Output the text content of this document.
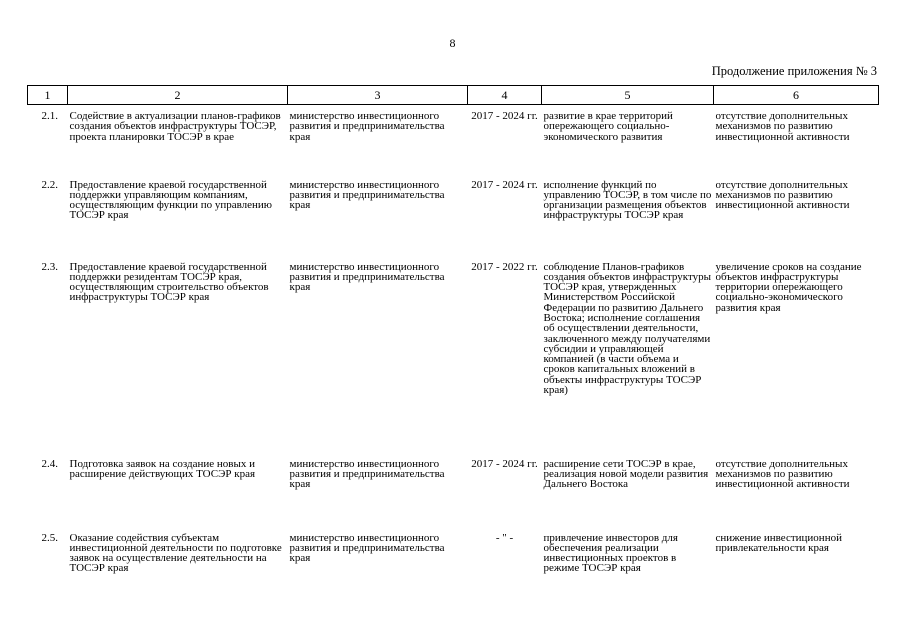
8
Продолжение приложения № 3
1	2	3	4	5	6
2.1.	Содействие в актуализации планов-графиков создания объектов инфраструктуры ТОСЭР, проекта планировки ТОСЭР в крае	министерство инвестиционного развития и предпринимательства края	2017 - 2024 гг.	развитие в крае территорий опережающего социально-экономического развития	отсутствие дополнительных механизмов по развитию инвестиционной активности
2.2.	Предоставление краевой государственной поддержки управляющим компаниям, осуществляющим функции по управлению ТОСЭР края	министерство инвестиционного развития и предпринимательства края	2017 - 2024 гг.	исполнение функций по управлению ТОСЭР, в том числе по организации размещения объектов инфраструктуры ТОСЭР края	отсутствие дополнительных механизмов по развитию инвестиционной активности
2.3.	Предоставление краевой государственной поддержки резидентам ТОСЭР края, осуществляющим строительство объектов инфраструктуры ТОСЭР края	министерство инвестиционного развития и предпринимательства края	2017 - 2022 гг.	соблюдение Планов-графиков создания объектов инфраструктуры ТОСЭР края, утвержденных Министерством Российской Федерации по развитию Дальнего Востока; исполнение соглашения об осуществлении деятельности, заключенного между получателями субсидии и управляющей компанией (в части объема и сроков капитальных вложений в объекты инфраструктуры ТОСЭР края)	увеличение сроков на создание объектов инфраструктуры территории опережающего социально-экономического развития края
2.4.	Подготовка заявок на создание новых и расширение действующих ТОСЭР края	министерство инвестиционного развития и предпринимательства края	2017 - 2024 гг.	расширение сети ТОСЭР в крае, реализация новой модели развития Дальнего Востока	отсутствие дополнительных механизмов по развитию инвестиционной активности
2.5.	Оказание содействия субъектам инвестиционной деятельности по подготовке заявок на осуществление деятельности на ТОСЭР края	министерство инвестиционного развития и предпринимательства края	- " -	привлечение инвесторов для обеспечения реализации инвестиционных проектов в режиме ТОСЭР края	снижение инвестиционной привлекательности края
